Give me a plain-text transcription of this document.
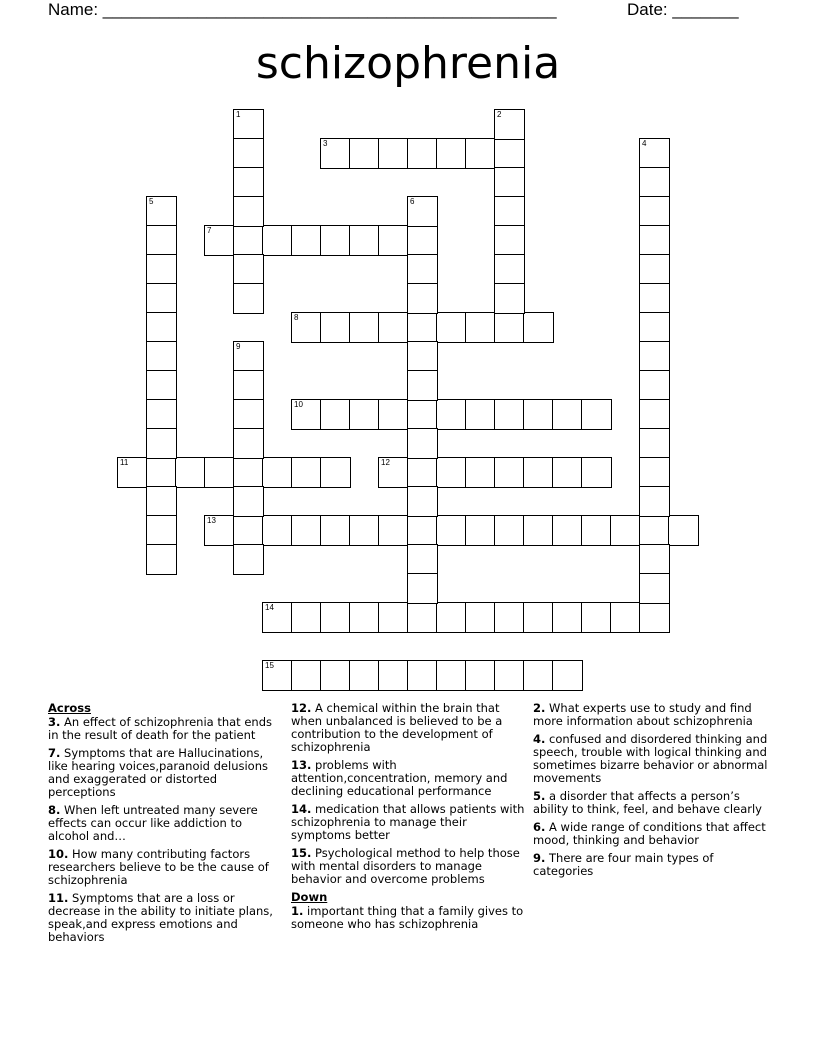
Name: ________________________________________________	Date: _______
schizophrenia
3
7
8
10
11	12
13
14
15
1	2
4
5	6
9
Across
3. An effect of schizophrenia that ends in the result of death for the patient
7. Symptoms that are Hallucinations, like hearing voices,paranoid delusions and exaggerated or distorted perceptions
8. When left untreated many severe effects can occur like addiction to alcohol and…
10. How many contributing factors researchers believe to be the cause of schizophrenia
11. Symptoms that are a loss or decrease in the ability to initiate plans, speak,and express emotions and behaviors
12. A chemical within the brain that when unbalanced is believed to be a contribution to the development of schizophrenia
13. problems with attention,concentration, memory and declining educational performance
14. medication that allows patients with schizophrenia to manage their symptoms better
15. Psychological method to help those with mental disorders to manage behavior and overcome problems
Down
1. important thing that a family gives to someone who has schizophrenia
2. What experts use to study and find more information about schizophrenia
4. confused and disordered thinking and speech, trouble with logical thinking and sometimes bizarre behavior or abnormal movements
5. a disorder that affects a person’s ability to think, feel, and behave clearly
6. A wide range of conditions that affect mood, thinking and behavior
9. There are four main types of categories
